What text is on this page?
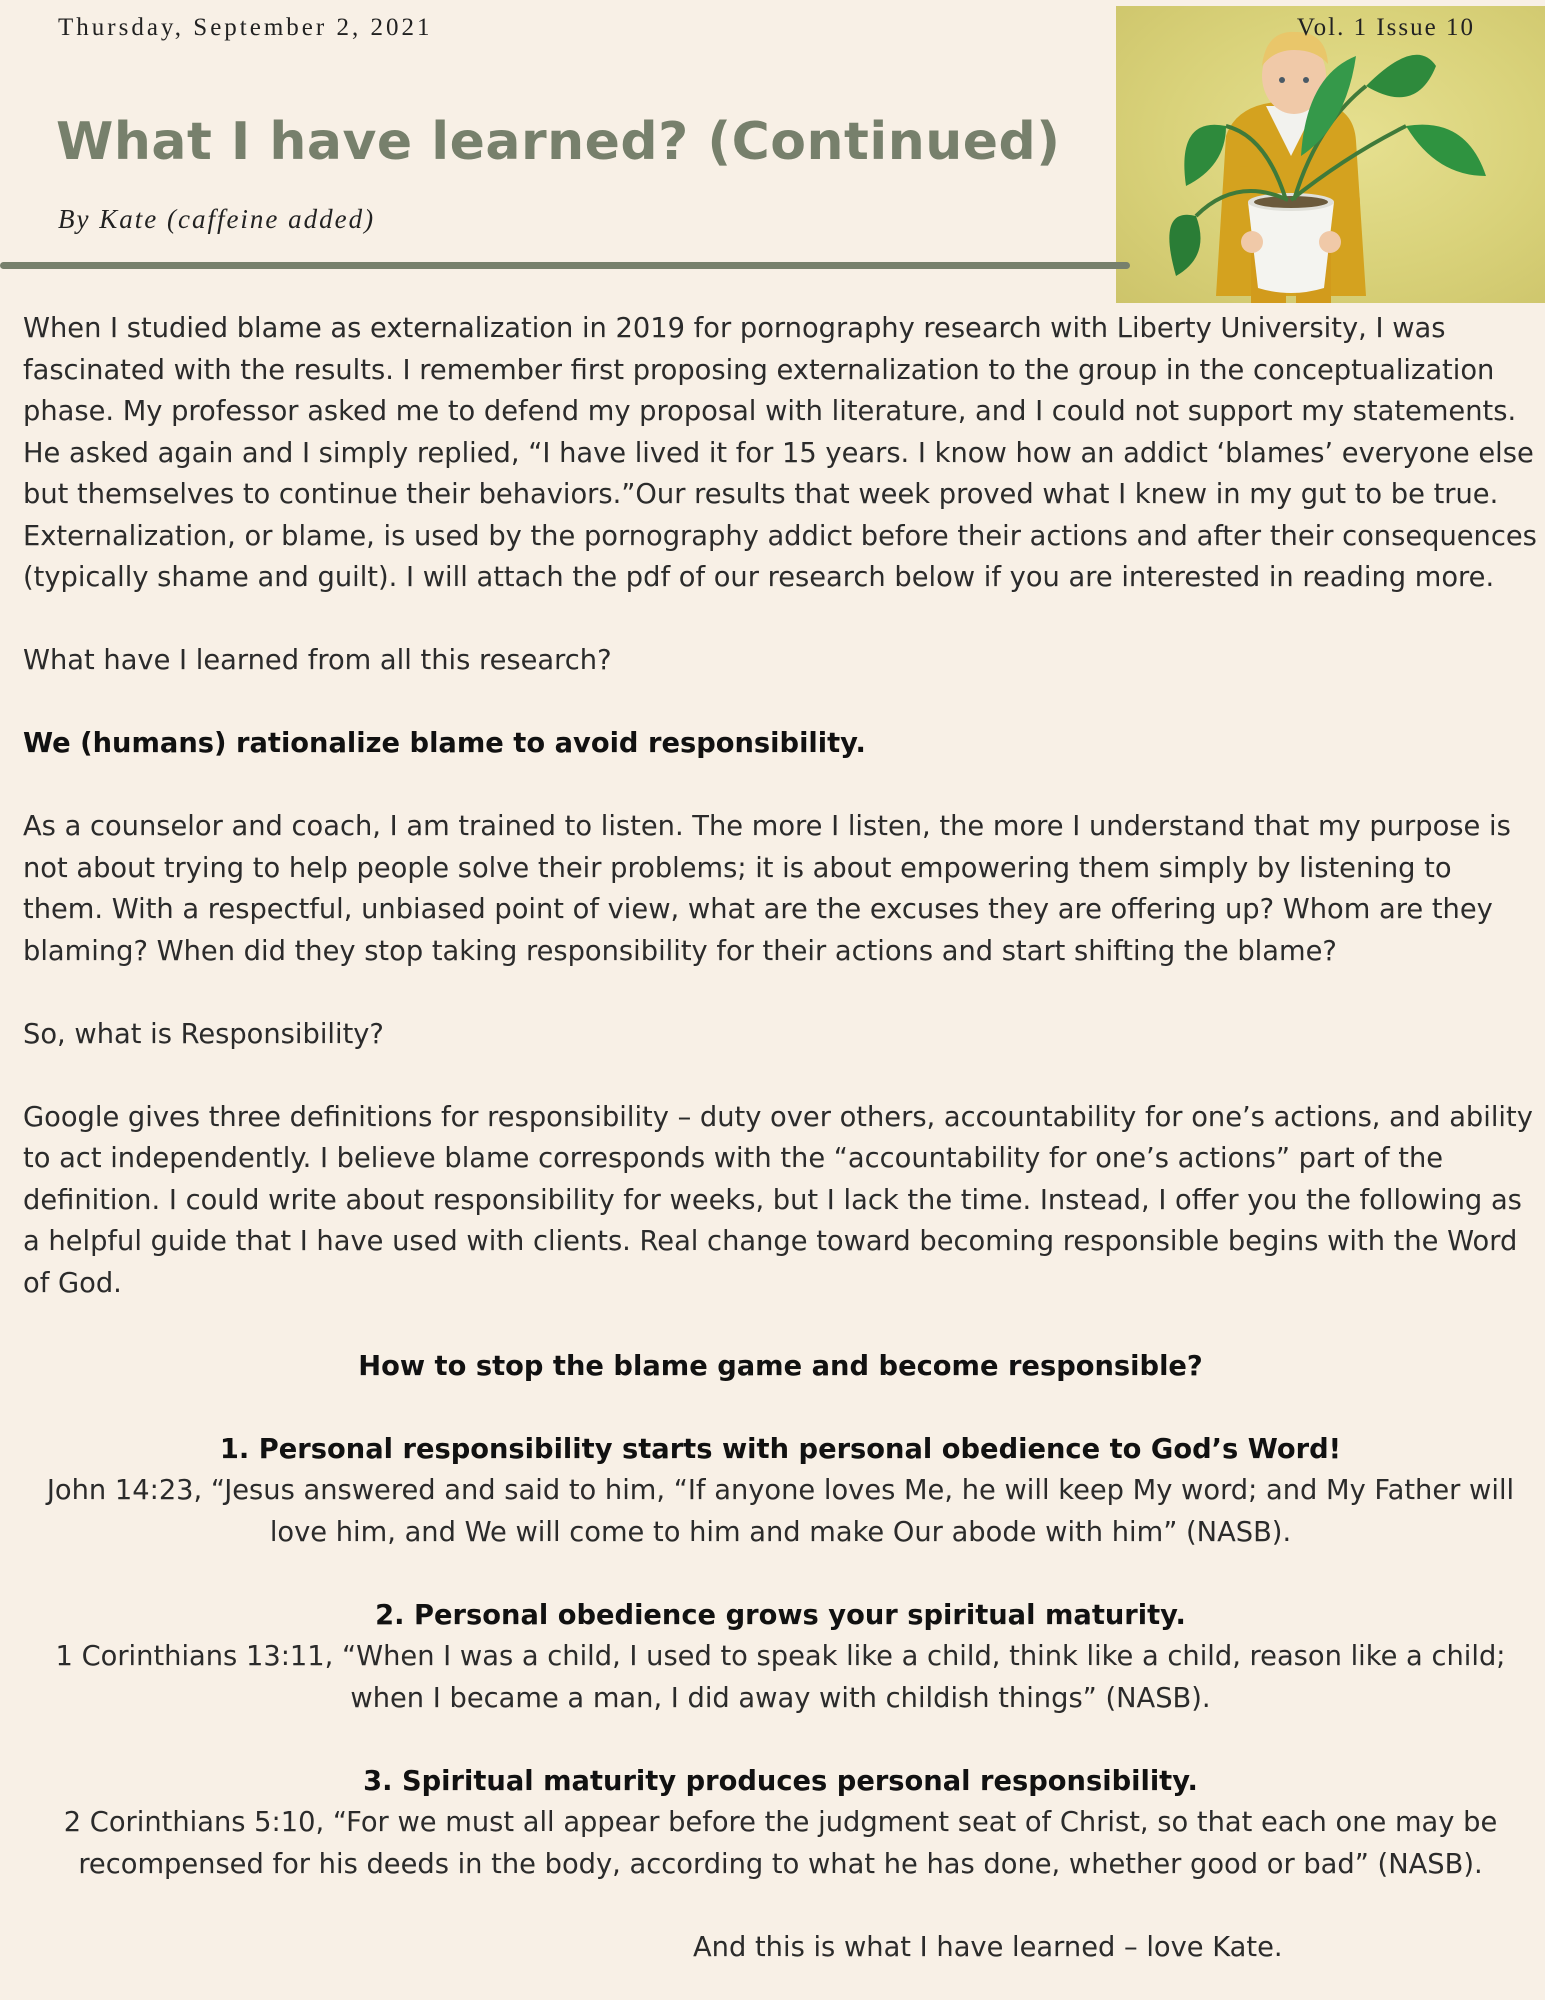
Thursday, September 2, 2021	Vol. 1 Issue 10
What I have learned? (Continued)
By Kate (caffeine added)

When I studied blame as externalization in 2019 for pornography research with Liberty University, I was fascinated with the results. I remember first proposing externalization to the group in the conceptualization phase. My professor asked me to defend my proposal with literature, and I could not support my statements. He asked again and I simply replied, “I have lived it for 15 years. I know how an addict ‘blames’ everyone else but themselves to continue their behaviors.”Our results that week proved what I knew in my gut to be true. Externalization, or blame, is used by the pornography addict before their actions and after their consequences (typically shame and guilt). I will attach the pdf of our research below if you are interested in reading more.

What have I learned from all this research?

We (humans) rationalize blame to avoid responsibility.

As a counselor and coach, I am trained to listen. The more I listen, the more I understand that my purpose is not about trying to help people solve their problems; it is about empowering them simply by listening to them. With a respectful, unbiased point of view, what are the excuses they are offering up? Whom are they blaming? When did they stop taking responsibility for their actions and start shifting the blame?

So, what is Responsibility?

Google gives three definitions for responsibility – duty over others, accountability for one’s actions, and ability to act independently. I believe blame corresponds with the “accountability for one’s actions” part of the definition. I could write about responsibility for weeks, but I lack the time. Instead, I offer you the following as a helpful guide that I have used with clients. Real change toward becoming responsible begins with the Word of God.

How to stop the blame game and become responsible?

1. Personal responsibility starts with personal obedience to God’s Word!

John 14:23, “Jesus answered and said to him, “If anyone loves Me, he will keep My word; and My Father will love him, and We will come to him and make Our abode with him” (NASB).

2. Personal obedience grows your spiritual maturity.

1 Corinthians 13:11, “When I was a child, I used to speak like a child, think like a child, reason like a child; when I became a man, I did away with childish things” (NASB).

3. Spiritual maturity produces personal responsibility.

2 Corinthians 5:10, “For we must all appear before the judgment seat of Christ, so that each one may be recompensed for his deeds in the body, according to what he has done, whether good or bad” (NASB).

And this is what I have learned – love Kate.
